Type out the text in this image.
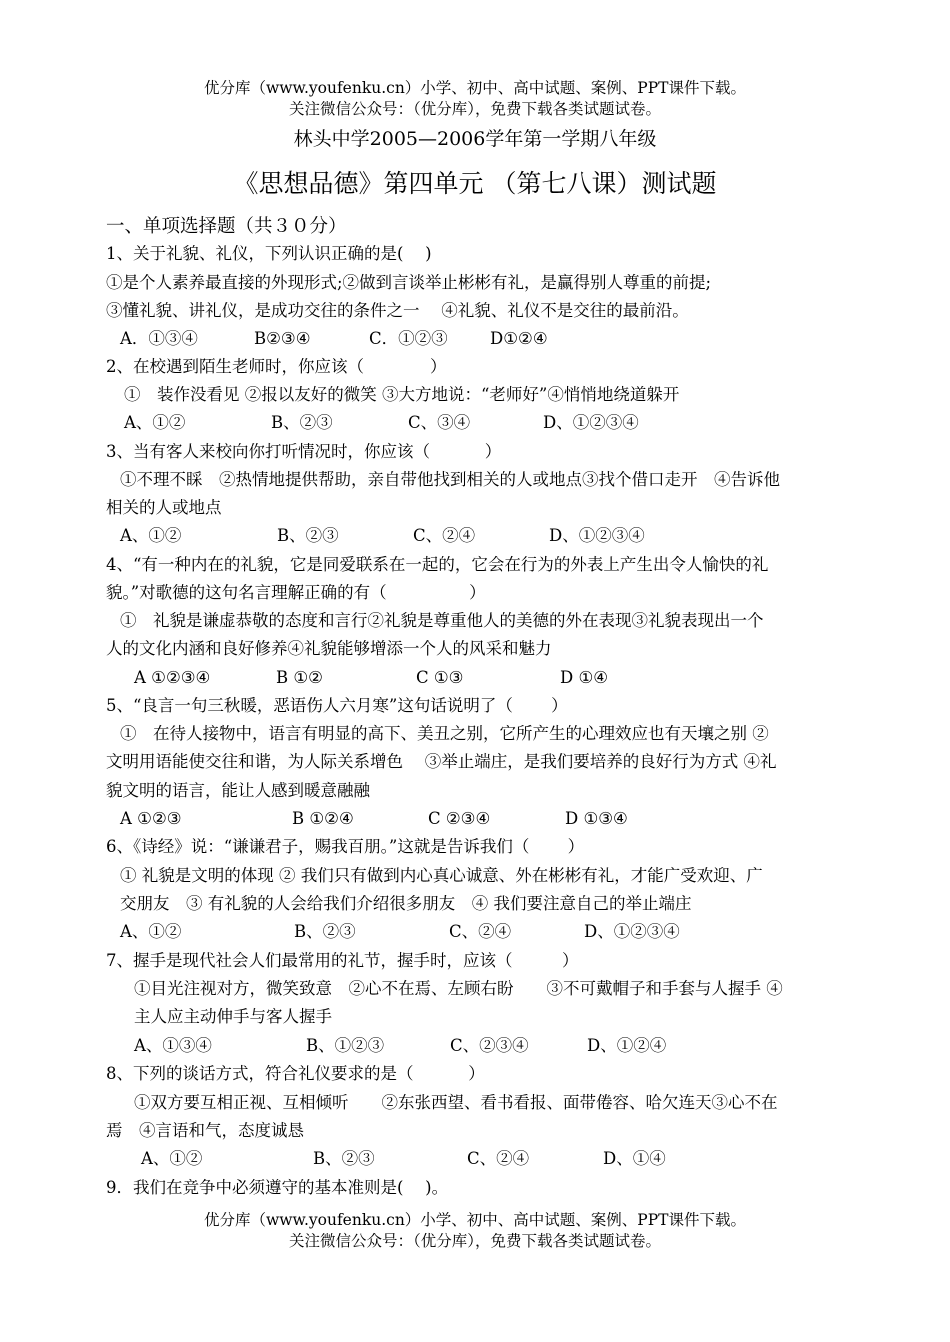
优分库（www.youfenku.cn）小学、初中、高中试题、案例、PPT课件下载。
关注微信公众号：（优分库），免费下载各类试题试卷。
林头中学2005—2006学年第一学期八年级
《思想品德》第四单元 （第七八课）测试题
一、单项选择题（共３０分）
1、关于礼貌、礼仪，下列认识正确的是(　 )
①是个人素养最直接的外现形式;②做到言谈举止彬彬有礼，是赢得别人尊重的前提;
③懂礼貌、讲礼仪，是成功交往的条件之一　 ④礼貌、礼仪不是交往的最前沿。
A．①③④	B②③④	C．①②③	D①②④
2、在校遇到陌生老师时，你应该（　　　　）
①　装作没看见 ②报以友好的微笑 ③大方地说：“老师好”④悄悄地绕道躲开
A、①②	B、②③	C、③④	D、①②③④
3、当有客人来校向你打听情况时，你应该（　　　 ）
①不理不睬　②热情地提供帮助，亲自带他找到相关的人或地点③找个借口走开　④告诉他
相关的人或地点
A、①②	B、②③	C、②④	D、①②③④
4、“有一种内在的礼貌，它是同爱联系在一起的，它会在行为的外表上产生出令人愉快的礼
貌。”对歌德的这句名言理解正确的有（　　　　　）
①　礼貌是谦虚恭敬的态度和言行②礼貌是尊重他人的美德的外在表现③礼貌表现出一个
人的文化内涵和良好修养④礼貌能够增添一个人的风采和魅力
A ①②③④	B ①②	C ①③	D ①④
5、“良言一句三秋暖，恶语伤人六月寒”这句话说明了（　　 ）
①　在待人接物中，语言有明显的高下、美丑之别，它所产生的心理效应也有天壤之别 ②
文明用语能使交往和谐，为人际关系增色　 ③举止端庄，是我们要培养的良好行为方式 ④礼
貌文明的语言，能让人感到暖意融融
A ①②③	B ①②④	C ②③④	D ①③④
6、《诗经》说：“谦谦君子，赐我百朋。”这就是告诉我们（　　 ）
① 礼貌是文明的体现 ② 我们只有做到内心真心诚意、外在彬彬有礼，才能广受欢迎、广
交朋友　③ 有礼貌的人会给我们介绍很多朋友　④ 我们要注意自己的举止端庄
A、①②	B、②③	C、②④	D、①②③④
7、握手是现代社会人们最常用的礼节，握手时，应该（　　　）
①目光注视对方，微笑致意　②心不在焉、左顾右盼　　③不可戴帽子和手套与人握手 ④
主人应主动伸手与客人握手
A、①③④	B、①②③	C、②③④	D、①②④
8、下列的谈话方式，符合礼仪要求的是（　　　 ）
①双方要互相正视、互相倾听　　②东张西望、看书看报、面带倦容、哈欠连天③心不在
焉　④言语和气，态度诚恳
A、①②	B、②③	C、②④	D、①④
9．我们在竞争中必须遵守的基本准则是(　 )。
优分库（www.youfenku.cn）小学、初中、高中试题、案例、PPT课件下载。
关注微信公众号：（优分库），免费下载各类试题试卷。
